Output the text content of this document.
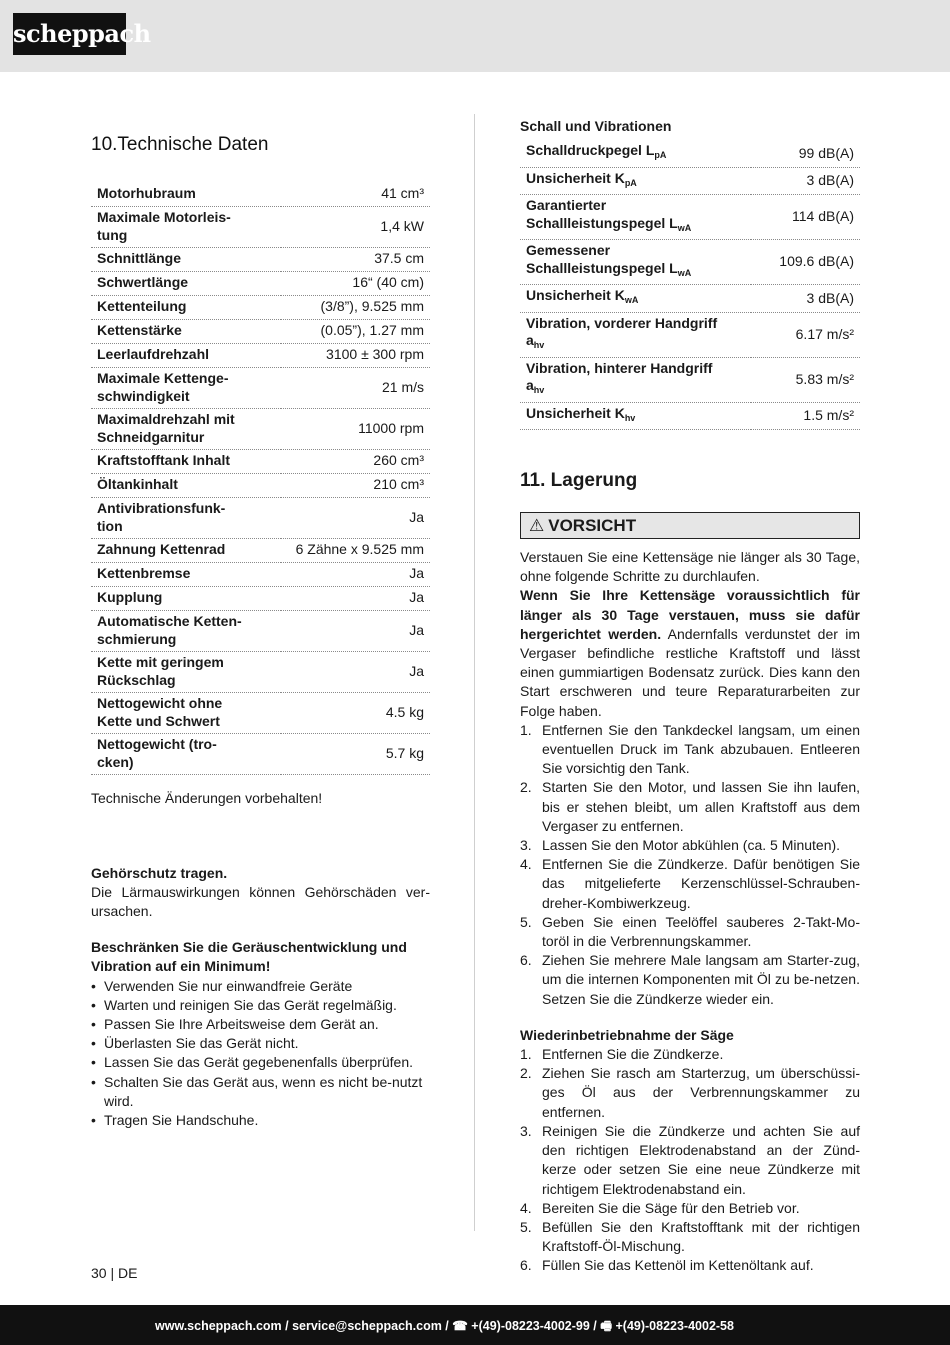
scheppach
10.Technische Daten
Motorhubraum	41 cm³
Maximale Motorleis-
tung	1,4 kW
Schnittlänge	37.5 cm
Schwertlänge	16“ (40 cm)
Kettenteilung	(3/8”), 9.525 mm
Kettenstärke	(0.05”), 1.27 mm
Leerlaufdrehzahl	3100 ± 300 rpm
Maximale Kettenge-
schwindigkeit	21 m/s
Maximaldrehzahl mit
Schneidgarnitur	11000 rpm
Kraftstofftank Inhalt	260 cm³
Öltankinhalt	210 cm³
Antivibrationsfunk-
tion	Ja
Zahnung Kettenrad	6 Zähne x 9.525 mm
Kettenbremse	Ja
Kupplung	Ja
Automatische Ketten-
schmierung	Ja
Kette mit geringem
Rückschlag	Ja
Nettogewicht ohne
Kette und Schwert	4.5 kg
Nettogewicht (tro-
cken)	5.7 kg
Technische Änderungen vorbehalten!
Gehörschutz tragen.
Die Lärmauswirkungen können Gehörschäden ver-ursachen.
Beschränken Sie die Geräuschentwicklung und Vibration auf ein Minimum!
• Verwenden Sie nur einwandfreie Geräte
• Warten und reinigen Sie das Gerät regelmäßig.
• Passen Sie Ihre Arbeitsweise dem Gerät an.
• Überlasten Sie das Gerät nicht.
• Lassen Sie das Gerät gegebenenfalls überprüfen.
• Schalten Sie das Gerät aus, wenn es nicht be-nutzt wird.
• Tragen Sie Handschuhe.
Schall und Vibrationen
Schalldruckpegel $L_{pA}$	99 dB(A)
Unsicherheit $K_{pA}$	3 dB(A)
Garantierter
Schallleistungspegel $L_{wA}$	114 dB(A)
Gemessener
Schallleistungspegel $L_{wA}$	109.6 dB(A)
Unsicherheit $K_{wA}$	3 dB(A)
Vibration, vorderer Handgriff
$a_{hv}$	6.17 m/s²
Vibration, hinterer Handgriff
$a_{hv}$	5.83 m/s²
Unsicherheit $K_{hv}$	1.5 m/s²
11. Lagerung
⚠ VORSICHT
Verstauen Sie eine Kettensäge nie länger als 30 Tage, ohne folgende Schritte zu durchlaufen.
Wenn Sie Ihre Kettensäge voraussichtlich für länger als 30 Tage verstauen, muss sie dafür hergerichtet werden. Andernfalls verdunstet der im Vergaser befindliche restliche Kraftstoff und lässt einen gummiartigen Bodensatz zurück. Dies kann den Start erschweren und teure Reparaturarbeiten zur Folge haben.
1. Entfernen Sie den Tankdeckel langsam, um einen eventuellen Druck im Tank abzubauen. Entleeren Sie vorsichtig den Tank.
2. Starten Sie den Motor, und lassen Sie ihn laufen, bis er stehen bleibt, um allen Kraftstoff aus dem Vergaser zu entfernen.
3. Lassen Sie den Motor abkühlen (ca. 5 Minuten).
4. Entfernen Sie die Zündkerze. Dafür benötigen Sie das mitgelieferte Kerzenschlüssel-Schrauben-dreher-Kombiwerkzeug.
5. Geben Sie einen Teelöffel sauberes 2-Takt-Mo-toröl in die Verbrennungskammer.
6. Ziehen Sie mehrere Male langsam am Starter-zug, um die internen Komponenten mit Öl zu be-netzen. Setzen Sie die Zündkerze wieder ein.
Wiederinbetriebnahme der Säge
1. Entfernen Sie die Zündkerze.
2. Ziehen Sie rasch am Starterzug, um überschüssi-ges Öl aus der Verbrennungskammer zu entfernen.
3. Reinigen Sie die Zündkerze und achten Sie auf den richtigen Elektrodenabstand an der Zünd-kerze oder setzen Sie eine neue Zündkerze mit richtigem Elektrodenabstand ein.
4. Bereiten Sie die Säge für den Betrieb vor.
5. Befüllen Sie den Kraftstofftank mit der richtigen Kraftstoff-Öl-Mischung.
6. Füllen Sie das Kettenöl im Kettenöltank auf.
30 | DE
www.scheppach.com / service@scheppach.com / ☎ +(49)-08223-4002-99 / 🖷 +(49)-08223-4002-58
